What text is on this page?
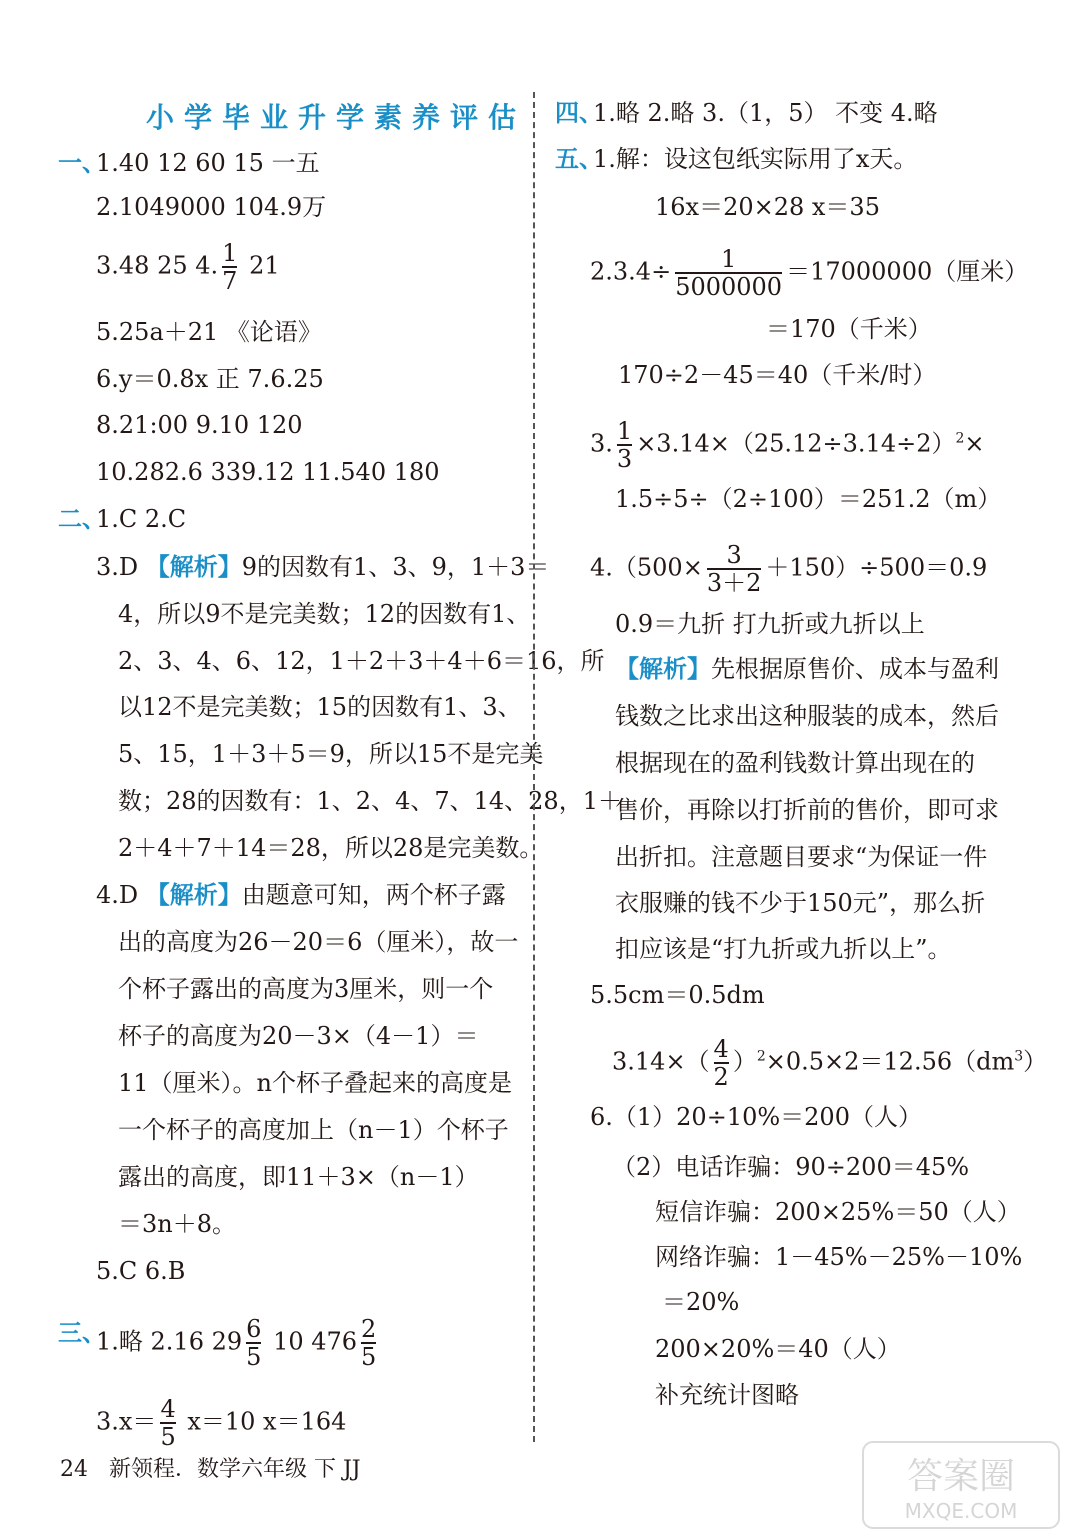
小学毕业升学素养评估
一、
1.40 12 60 15 一五
2.1049000 104.9万
3.48 25 4. $\frac{1}{7} 21$
5.25a＋21 《论语》
6.y＝0.8x 正 7.6.25
8.21:00 9.10 120
10.282.6 339.12 11.540 180
二、
1.C 2.C
3.D 【解析】9的因数有1、3、9，1＋3＝
4，所以9不是完美数；12的因数有1、
2、3、4、6、12，1＋2＋3＋4＋6＝16，所
以12不是完美数；15的因数有1、3、
5、15，1＋3＋5＝9，所以15不是完美
数；28的因数有：1、2、4、7、14、28，1＋
2＋4＋7＋14＝28，所以28是完美数。
4.D 【解析】由题意可知，两个杯子露
出的高度为26－20＝6（厘米），故一
个杯子露出的高度为3厘米，则一个
杯子的高度为20－3×（4－1）＝
11（厘米）。n个杯子叠起来的高度是
一个杯子的高度加上（n－1）个杯子
露出的高度，即11＋3×（n－1）
＝3n＋8。
5.C 6.B
三、
1.略 2.16 $29 \frac{6}{5} 10$ $476 \frac{2}{5}$
$3.x= \frac{4}{5} x=10$ x＝164
四、
1.略 2.略 3.（1，5） 不变 4.略
五、
1.解：设这包纸实际用了x天。
16x＝20×28 x＝35
$2.3.4\div \frac{1}{5000000} =17000000$（厘米）
＝170（千米）
170÷2－45＝40（千米/时）
3. $\frac{1}{3} \times 3.14\times(25.12\div 3.14\div 2)^2\times$
1.5÷5÷（2÷100）＝251.2（m）
$4.(500\times \frac{3}{3+2} +150)\div 500=0.9$
0.9＝九折 打九折或九折以上
【解析】先根据原售价、成本与盈利
钱数之比求出这种服装的成本，然后
根据现在的盈利钱数计算出现在的
售价，再除以打折前的售价，即可求
出折扣。注意题目要求“为保证一件
衣服赚的钱不少于150元”，那么折
扣应该是“打九折或九折以上”。
5.5cm＝0.5dm
$3.14\times( \frac{4}{2} )^2\times 0.5\times 2=12.56(dm^3)$
6.（1）20÷10%＝200（人）
（2）电话诈骗：90÷200＝45%
短信诈骗：200×25%＝50（人）
网络诈骗：1－45%－25%－10%
＝20%
200×20%＝40（人）
补充统计图略
24 新领程．数学六年级 下 JJ	答案圈
MXQE.COM
